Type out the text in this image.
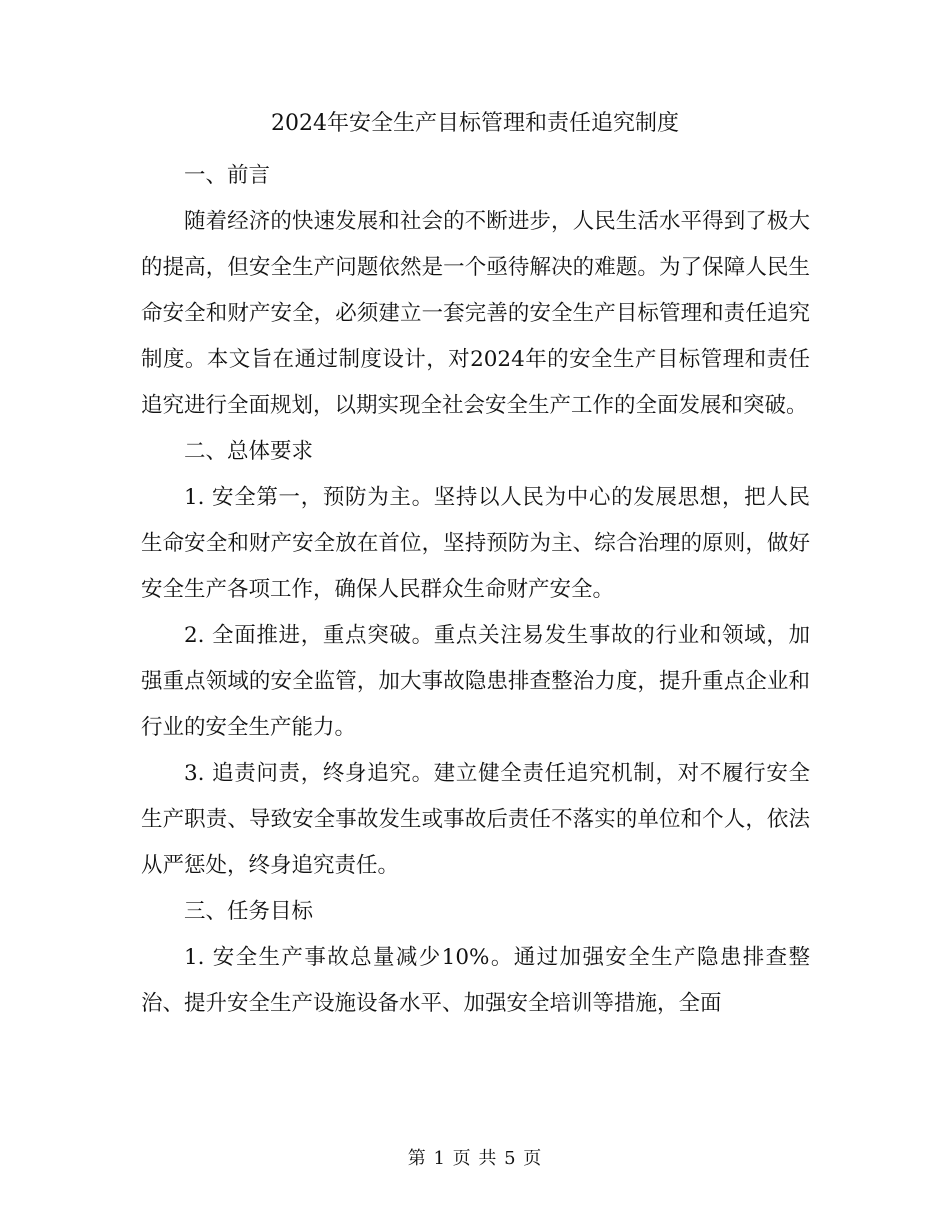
2024年安全生产目标管理和责任追究制度

一、前言

随着经济的快速发展和社会的不断进步，人民生活水平得到了极大的提高，但安全生产问题依然是一个亟待解决的难题。为了保障人民生命安全和财产安全，必须建立一套完善的安全生产目标管理和责任追究制度。本文旨在通过制度设计，对2024年的安全生产目标管理和责任追究进行全面规划，以期实现全社会安全生产工作的全面发展和突破。

二、总体要求

1. 安全第一，预防为主。坚持以人民为中心的发展思想，把人民生命安全和财产安全放在首位，坚持预防为主、综合治理的原则，做好安全生产各项工作，确保人民群众生命财产安全。

2. 全面推进，重点突破。重点关注易发生事故的行业和领域，加强重点领域的安全监管，加大事故隐患排查整治力度，提升重点企业和行业的安全生产能力。

3. 追责问责，终身追究。建立健全责任追究机制，对不履行安全生产职责、导致安全事故发生或事故后责任不落实的单位和个人，依法从严惩处，终身追究责任。

三、任务目标

1. 安全生产事故总量减少10%。通过加强安全生产隐患排查整治、提升安全生产设施设备水平、加强安全培训等措施，全面

第 1 页 共 5 页
